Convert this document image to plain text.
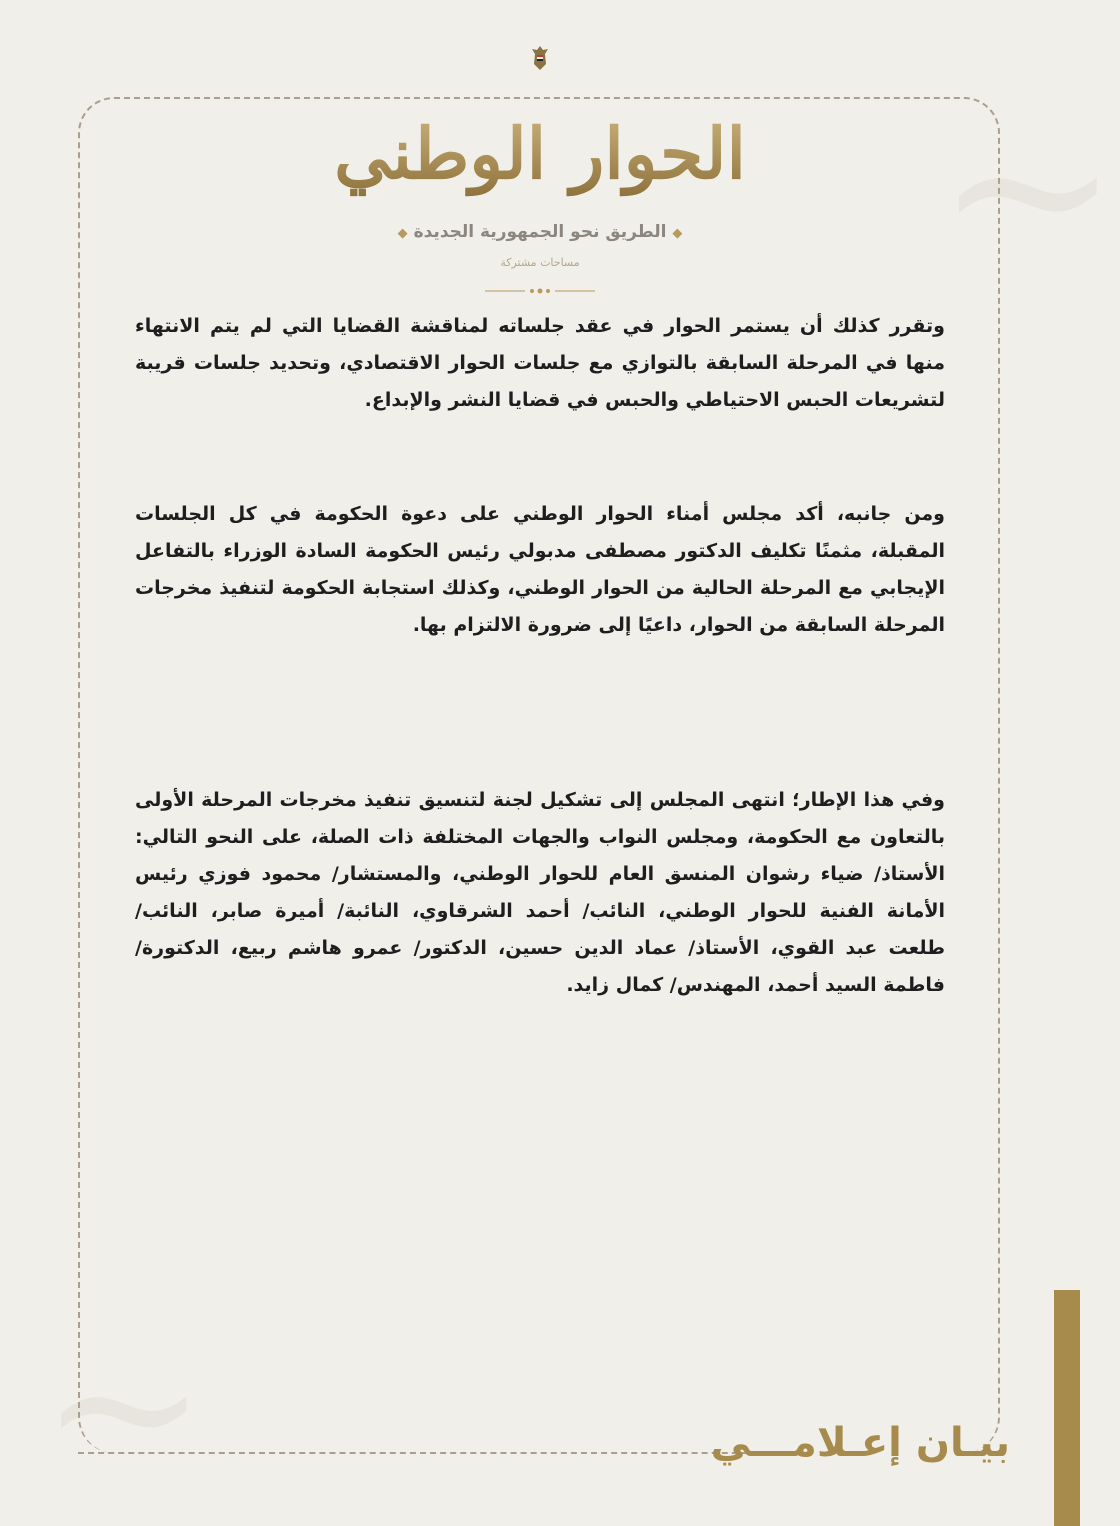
~
~
الحوار الوطني
◆الطريق نحو الجمهورية الجديدة◆
مساحات مشتركة

وتقرر كذلك أن يستمر الحوار في عقد جلساته لمناقشة القضايا التي لم يتم الانتهاء منها في المرحلة السابقة بالتوازي مع جلسات الحوار الاقتصادي، وتحديد جلسات قريبة لتشريعات الحبس الاحتياطي والحبس في قضايا النشر والإبداع.

ومن جانبه، أكد مجلس أمناء الحوار الوطني على دعوة الحكومة في كل الجلسات المقبلة، مثمنًا تكليف الدكتور مصطفى مدبولي رئيس الحكومة السادة الوزراء بالتفاعل الإيجابي مع المرحلة الحالية من الحوار الوطني، وكذلك استجابة الحكومة لتنفيذ مخرجات المرحلة السابقة من الحوار، داعيًا إلى ضرورة الالتزام بها.

وفي هذا الإطار؛ انتهى المجلس إلى تشكيل لجنة لتنسيق تنفيذ مخرجات المرحلة الأولى بالتعاون مع الحكومة، ومجلس النواب والجهات المختلفة ذات الصلة، على النحو التالي: الأستاذ/ ضياء رشوان المنسق العام للحوار الوطني، والمستشار/ محمود فوزي رئيس الأمانة الفنية للحوار الوطني، النائب/ أحمد الشرقاوي، النائبة/ أميرة صابر، النائب/ طلعت عبد القوي، الأستاذ/ عماد الدين حسين، الدكتور/ عمرو هاشم ربيع، الدكتورة/ فاطمة السيد أحمد، المهندس/ كمال زايد.

بيـان إعـلامـــي
